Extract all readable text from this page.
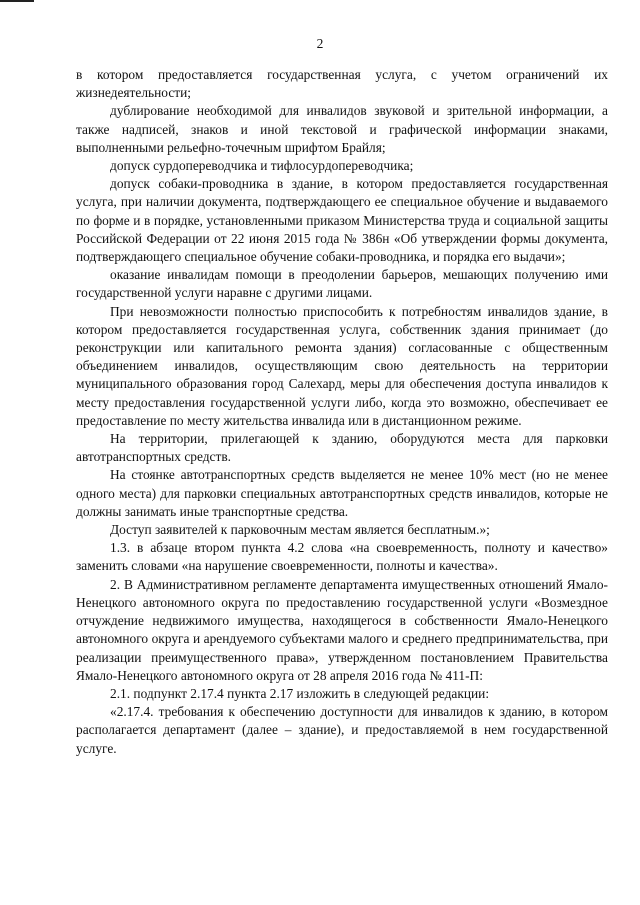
2

в котором предоставляется государственная услуга, с учетом ограничений их жизнедеятельности;

дублирование необходимой для инвалидов звуковой и зрительной информации, а также надписей, знаков и иной текстовой и графической информации знаками, выполненными рельефно-точечным шрифтом Брайля;

допуск сурдопереводчика и тифлосурдопереводчика;

допуск собаки-проводника в здание, в котором предоставляется государственная услуга, при наличии документа, подтверждающего ее специальное обучение и выдаваемого по форме и в порядке, установленными приказом Министерства труда и социальной защиты Российской Федерации от 22 июня 2015 года № 386н «Об утверждении формы документа, подтверждающего специальное обучение собаки-проводника, и порядка его выдачи»;

оказание инвалидам помощи в преодолении барьеров, мешающих получению ими государственной услуги наравне с другими лицами.

При невозможности полностью приспособить к потребностям инвалидов здание, в котором предоставляется государственная услуга, собственник здания принимает (до реконструкции или капитального ремонта здания) согласованные с общественным объединением инвалидов, осуществляющим свою деятельность на территории муниципального образования город Салехард, меры для обеспечения доступа инвалидов к месту предоставления государственной услуги либо, когда это возможно, обеспечивает ее предоставление по месту жительства инвалида или в дистанционном режиме.

На территории, прилегающей к зданию, оборудуются места для парковки автотранспортных средств.

На стоянке автотранспортных средств выделяется не менее 10% мест (но не менее одного места) для парковки специальных автотранспортных средств инвалидов, которые не должны занимать иные транспортные средства.

Доступ заявителей к парковочным местам является бесплатным.»;

1.3. в абзаце втором пункта 4.2 слова «на своевременность, полноту и качество» заменить словами «на нарушение своевременности, полноты и качества».

2. В Административном регламенте департамента имущественных отношений Ямало-Ненецкого автономного округа по предоставлению государственной услуги «Возмездное отчуждение недвижимого имущества, находящегося в собственности Ямало-Ненецкого автономного округа и арендуемого субъектами малого и среднего предпринимательства, при реализации преимущественного права», утвержденном постановлением Правительства Ямало-Ненецкого автономного округа от 28 апреля 2016 года № 411-П:

2.1. подпункт 2.17.4 пункта 2.17 изложить в следующей редакции:

«2.17.4. требования к обеспечению доступности для инвалидов к зданию, в котором располагается департамент (далее – здание), и предоставляемой в нем государственной услуге.
